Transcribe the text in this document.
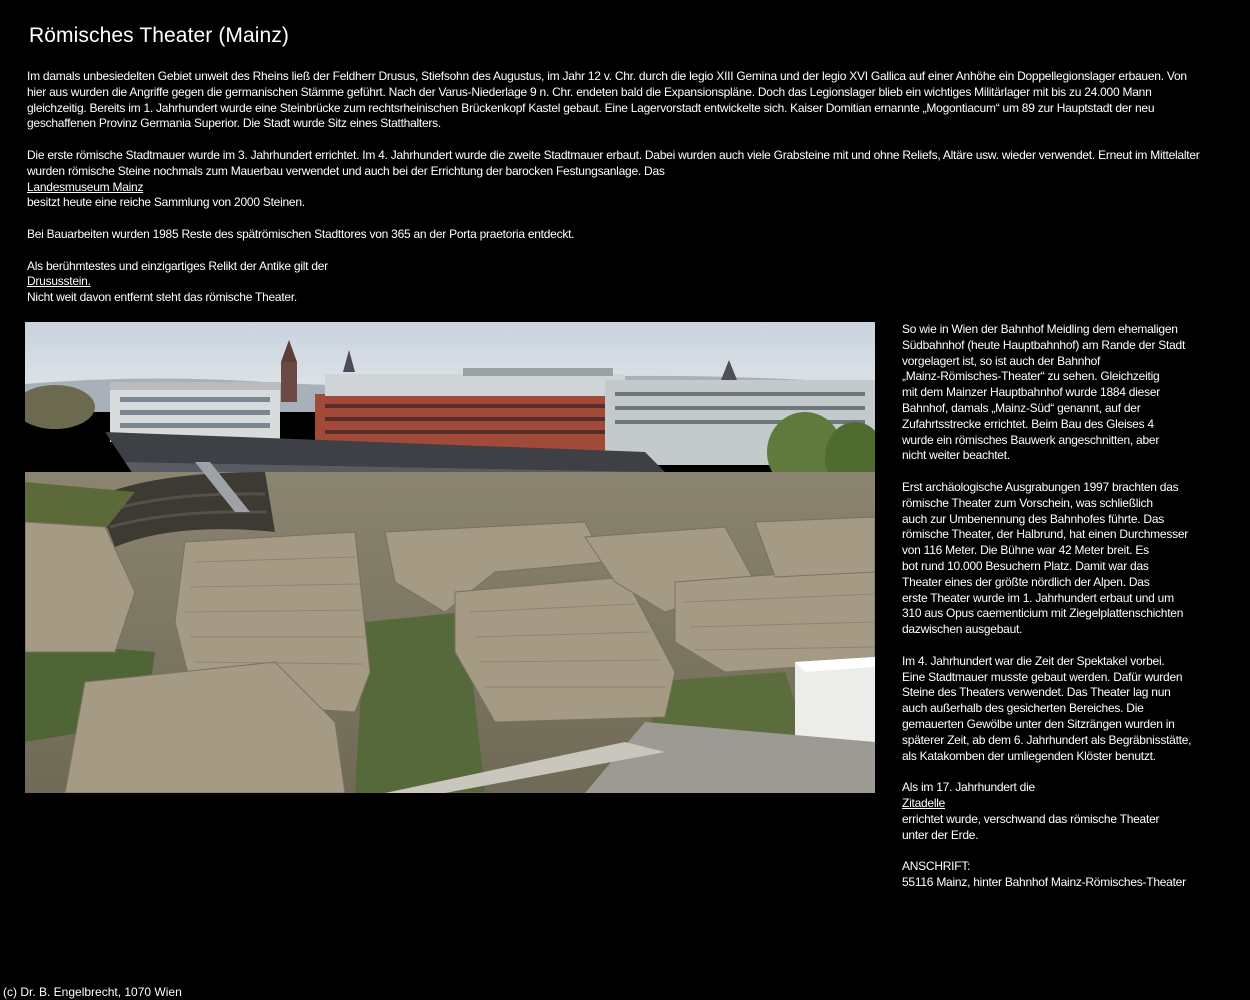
Römisches Theater (Mainz)

Im damals unbesiedelten Gebiet unweit des Rheins ließ der Feldherr Drusus, Stiefsohn des Augustus, im Jahr 12 v. Chr. durch die legio XIII Gemina und der legio XVI Gallica auf einer Anhöhe ein Doppellegionslager erbauen. Von hier aus wurden die Angriffe gegen die germanischen Stämme geführt. Nach der Varus-Niederlage 9 n. Chr. endeten bald die Expansionspläne. Doch das Legionslager blieb ein wichtiges Militärlager mit bis zu 24.000 Mann gleichzeitig. Bereits im 1. Jahrhundert wurde eine Steinbrücke zum rechtsrheinischen Brückenkopf Kastel gebaut. Eine Lagervorstadt entwickelte sich. Kaiser Domitian ernannte „Mogontiacum“ um 89 zur Hauptstadt der neu geschaffenen Provinz Germania Superior. Die Stadt wurde Sitz eines Statthalters.

Die erste römische Stadtmauer wurde im 3. Jahrhundert errichtet. Im 4. Jahrhundert wurde die zweite Stadtmauer erbaut. Dabei wurden auch viele Grabsteine mit und ohne Reliefs, Altäre usw. wieder verwendet. Erneut im Mittelalter wurden römische Steine nochmals zum Mauerbau verwendet und auch bei der Errichtung der barocken Festungsanlage. Das
Landesmuseum Mainz
besitzt heute eine reiche Sammlung von 2000 Steinen.

Bei Bauarbeiten wurden 1985 Reste des spätrömischen Stadttores von 365 an der Porta praetoria entdeckt.

Als berühmtestes und einzigartiges Relikt der Antike gilt der
Drususstein.
Nicht weit davon entfernt steht das römische Theater.

So wie in Wien der Bahnhof Meidling dem ehemaligen
Südbahnhof (heute Hauptbahnhof) am Rande der Stadt
vorgelagert ist, so ist auch der Bahnhof
„Mainz-Römisches-Theater“ zu sehen. Gleichzeitig
mit dem Mainzer Hauptbahnhof wurde 1884 dieser
Bahnhof, damals „Mainz-Süd“ genannt, auf der
Zufahrtsstrecke errichtet. Beim Bau des Gleises 4
wurde ein römisches Bauwerk angeschnitten, aber
nicht weiter beachtet.

Erst archäologische Ausgrabungen 1997 brachten das
römische Theater zum Vorschein, was schließlich
auch zur Umbenennung des Bahnhofes führte. Das
römische Theater, der Halbrund, hat einen Durchmesser
von 116 Meter. Die Bühne war 42 Meter breit. Es
bot rund 10.000 Besuchern Platz. Damit war das
Theater eines der größte nördlich der Alpen. Das
erste Theater wurde im 1. Jahrhundert erbaut und um
310 aus Opus caementicium mit Ziegelplattenschichten
dazwischen ausgebaut.

Im 4. Jahrhundert war die Zeit der Spektakel vorbei.
Eine Stadtmauer musste gebaut werden. Dafür wurden
Steine des Theaters verwendet. Das Theater lag nun
auch außerhalb des gesicherten Bereiches. Die
gemauerten Gewölbe unter den Sitzrängen wurden in
späterer Zeit, ab dem 6. Jahrhundert als Begräbnisstätte,
als Katakomben der umliegenden Klöster benutzt.

Als im 17. Jahrhundert die
Zitadelle
errichtet wurde, verschwand das römische Theater
unter der Erde.

ANSCHRIFT:
55116 Mainz, hinter Bahnhof Mainz-Römisches-Theater

(c) Dr. B. Engelbrecht, 1070 Wien
